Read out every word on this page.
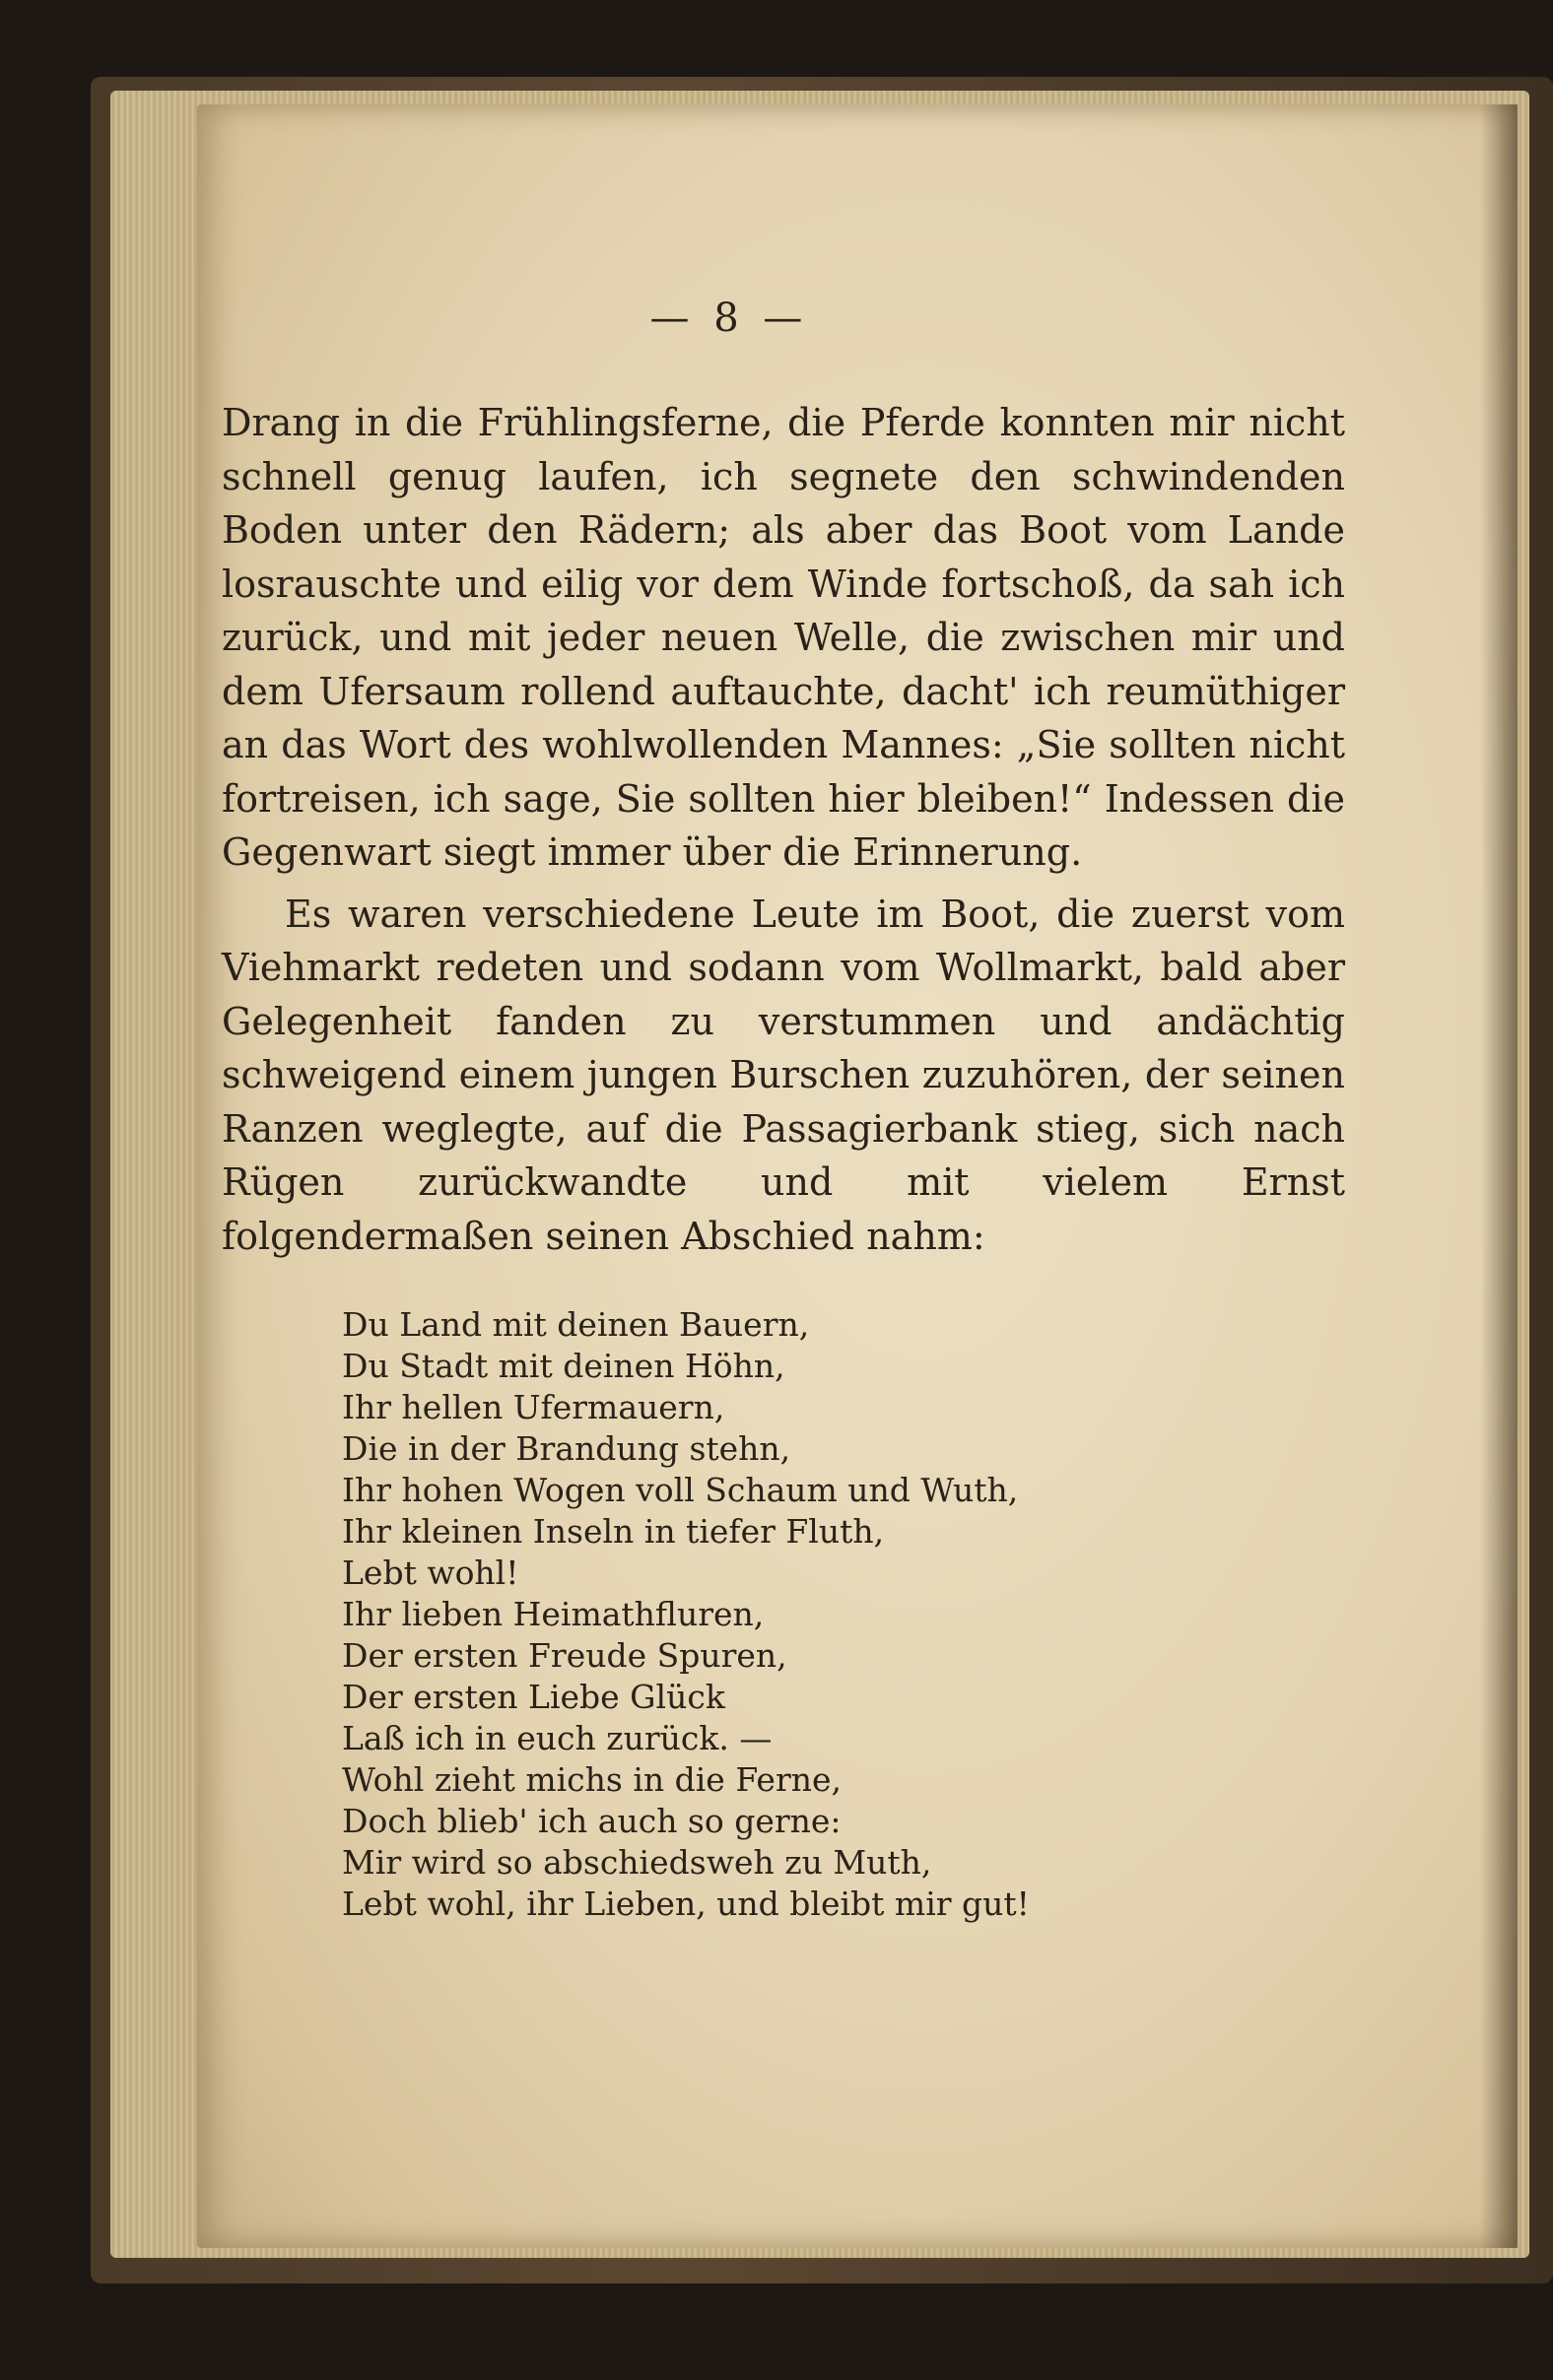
— 8 —

Drang in die Frühlingsferne, die Pferde konnten mir nicht schnell genug laufen, ich segnete den schwindenden Boden unter den Rädern; als aber das Boot vom Lande losrauschte und eilig vor dem Winde fortschoß, da sah ich zurück, und mit jeder neuen Welle, die zwischen mir und dem Ufersaum rollend auftauchte, dacht' ich reumüthiger an das Wort des wohlwollenden Mannes: „Sie sollten nicht fortreisen, ich sage, Sie sollten hier bleiben!“ Indessen die Gegenwart siegt immer über die Erinnerung.

Es waren verschiedene Leute im Boot, die zuerst vom Viehmarkt redeten und sodann vom Wollmarkt, bald aber Gelegenheit fanden zu verstummen und andächtig schweigend einem jungen Burschen zuzuhören, der seinen Ranzen weglegte, auf die Passagierbank stieg, sich nach Rügen zurückwandte und mit vielem Ernst folgendermaßen seinen Abschied nahm:

Du Land mit deinen Bauern,
Du Stadt mit deinen Höhn,
Ihr hellen Ufermauern,
Die in der Brandung stehn,
Ihr hohen Wogen voll Schaum und Wuth,
Ihr kleinen Inseln in tiefer Fluth,
Lebt wohl!
Ihr lieben Heimathfluren,
Der ersten Freude Spuren,
Der ersten Liebe Glück
Laß ich in euch zurück. —
Wohl zieht michs in die Ferne,
Doch blieb' ich auch so gerne:
Mir wird so abschiedsweh zu Muth,
Lebt wohl, ihr Lieben, und bleibt mir gut!
